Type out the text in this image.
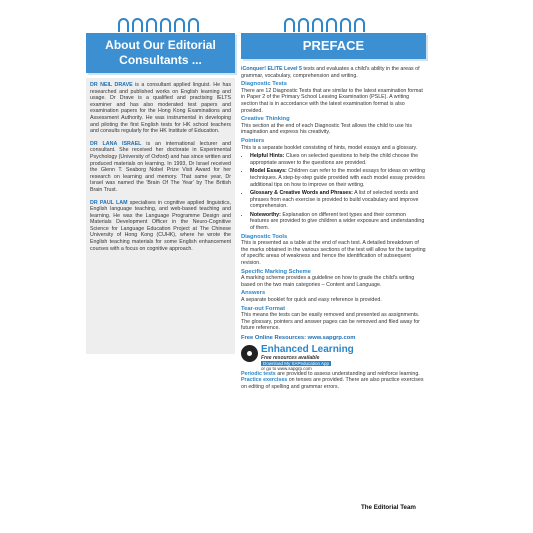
About Our Editorial Consultants ...
PREFACE

DR NEIL DRAVE is a consultant applied linguist. He has researched and published works on English learning and usage. Dr Drave is a qualified and practising IELTS examiner and has also moderated test papers and examination papers for the Hong Kong Examinations and Assessment Authority. He was instrumental in developing and piloting the first English tests for HK school teachers and consults regularly for the HK Institute of Education.

DR LANA ISRAEL is an international lecturer and consultant. She received her doctorate in Experimental Psychology (University of Oxford) and has since written and produced materials on learning. In 1993, Dr Israel received the Glenn T. Seaborg Nobel Prize Visit Award for her research on learning and memory. That same year, Dr Israel was named the 'Brain Of The Year' by The British Brain Trust.

DR PAUL LAM specialises in cognitive applied linguistics, English language teaching, and web-based teaching and learning. He was the Language Programme Design and Materials Development Officer in the Neuro-Cognitive Science for Language Education Project at The Chinese University of Hong Kong (CUHK), where he wrote the English teaching materials for some English enhancement courses with a focus on cognitive approach.

iConquer! ELITE Level 5 tests and evaluates a child's ability in the areas of grammar, vocabulary, comprehension and writing.

Diagnostic Tests

There are 12 Diagnostic Tests that are similar to the latest examination format in Paper 2 of the Primary School Leaving Examination (PSLE). A writing section that is in accordance with the latest examination format is also provided.

Creative Thinking

This section at the end of each Diagnostic Test allows the child to use his imagination and express his creativity.

Pointers

This is a separate booklet consisting of hints, model essays and a glossary.

• Helpful Hints: Clues on selected questions to help the child choose the appropriate answer to the questions are provided.
• Model Essays: Children can refer to the model essays for ideas on writing techniques. A step-by-step guide provided with each model essay provides additional tips on how to improve on their writing.
• Glossary & Creative Words and Phrases: A list of selected words and phrases from each exercise is provided to build vocabulary and improve comprehension.
• Noteworthy: Explanation on different text types and their common features are provided to give children a wider exposure and understanding of them.
Diagnostic Tools

This is presented as a table at the end of each test. A detailed breakdown of the marks obtained in the various sections of the test will allow for the targeting of specific areas of weakness and hence the identification of subsequent revision.

Specific Marking Scheme

A marking scheme provides a guideline on how to grade the child's writing based on the two main categories – Content and Language.

Answers

A separate booklet for quick and easy reference is provided.

Tear-out Format

This means the tests can be easily removed and presented as assignments. The glossary, pointers and answer pages can be removed and filed away for future reference.

Free Online Resources: www.sapgrp.com
Enhanced Learning
Free resources available
Download My SAPeducation App
or go to www.sapgrp.com

Periodic tests are provided to assess understanding and reinforce learning.

Practice exercises on tenses are provided. There are also practice exercises on editing of spelling and grammar errors.

The Editorial Team
